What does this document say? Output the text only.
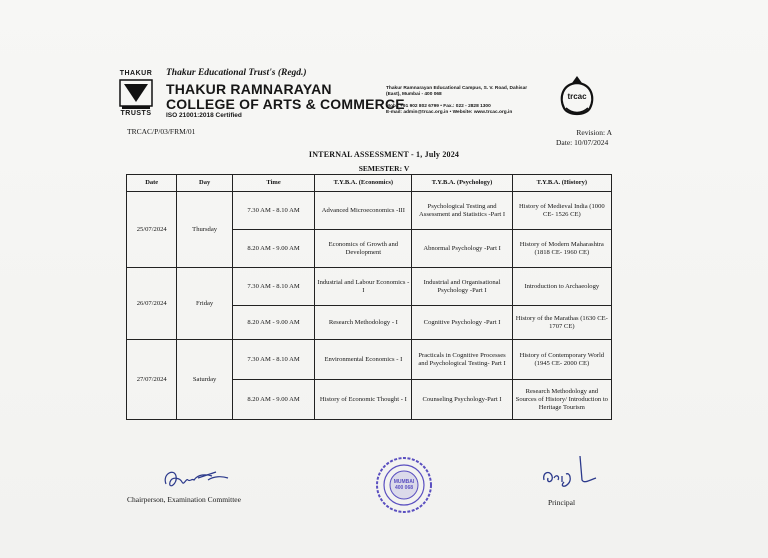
THAKUR
TRUSTS
Thakur Educational Trust's (Regd.)
THAKUR RAMNARAYAN
COLLEGE OF ARTS & COMMERCE
ISO 21001:2018 Certified
Thakur Ramnarayan Educational Campus, S. V. Road, Dahisar (East), Mumbai - 400 068
Mob.: +91 902 802 6799 • Fax.: 022 - 2828 1300
E-mail: admin@trcac.org.in • Website: www.trcac.org.in
trcac
TRCAC/P/03/FRM/01	Revision: A
Date: 10/07/2024
INTERNAL ASSESSMENT - 1, July 2024
SEMESTER: V
Date	Day	Time	T.Y.B.A. (Economics)	T.Y.B.A. (Psychology)	T.Y.B.A. (History)
25/07/2024	Thursday	7.30 AM - 8.10 AM	Advanced Microeconomics -III	Psychological Testing and Assessment and Statistics -Part I	History of Medieval India (1000 CE- 1526 CE)
		8.20 AM - 9.00 AM	Economics of Growth and Development	Abnormal Psychology -Part I	History of Modern Maharashtra (1818 CE- 1960 CE)
26/07/2024	Friday	7.30 AM - 8.10 AM	Industrial and Labour Economics - I	Industrial and Organisational Psychology -Part I	Introduction to Archaeology
		8.20 AM - 9.00 AM	Research Methodology - I	Cognitive Psychology -Part I	History of the Marathas (1630 CE- 1707 CE)
27/07/2024	Saturday	7.30 AM - 8.10 AM	Environmental Economics - I	Practicals in Cognitive Processes and Psychological Testing- Part I	History of Contemporary World (1945 CE- 2000 CE)
		8.20 AM - 9.00 AM	History of Economic Thought - I	Counseling Psychology-Part I	Research Methodology and Sources of History/ Introduction to Heritage Tourism
Chairperson, Examination Committee
MUMBAI 400 068
Principal
